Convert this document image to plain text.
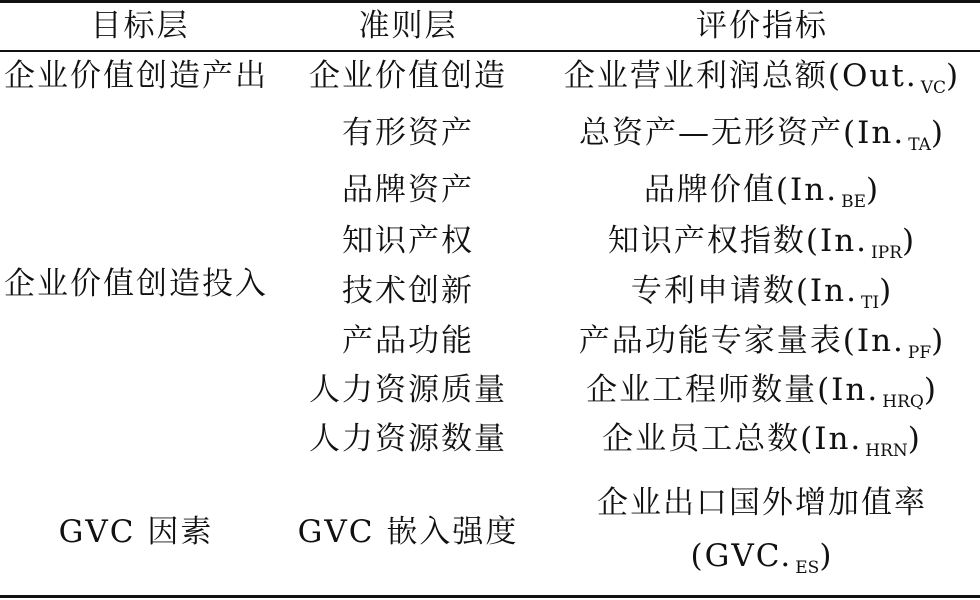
目标层	准则层	评价指标
企业价值创造产出
企业价值创造投入
GVC 因素
企业价值创造
有形资产
品牌资产
知识产权
技术创新
产品功能
人力资源质量
人力资源数量
GVC 嵌入强度
企业营业利润总额(Out. $_{VC}$)
总资产—无形资产(In. $_{TA}$)
品牌价值(In. $_{BE}$)
知识产权指数(In. $_{IPR}$)
专利申请数(In. $_{TI}$)
产品功能专家量表(In. $_{PF}$)
企业工程师数量(In. $_{HRQ}$)
企业员工总数(In. $_{HRN}$)
企业出口国外增加值率
(GVC. $_{ES}$)
